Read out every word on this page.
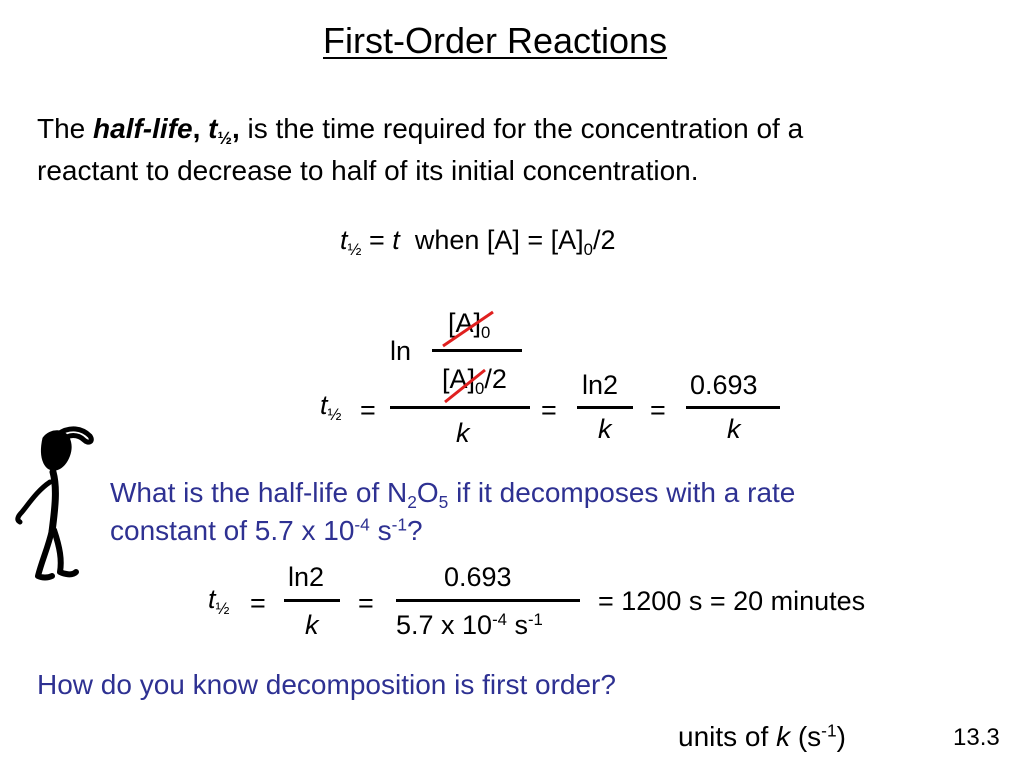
First-Order Reactions
The half-life, $t_{\frac{1}{2}}$, is the time required for the concentration of a
reactant to decrease to half of its initial concentration.
$t_{\frac{1}{2}} = t$ when $[A] = [A]_0/2$
$t_{\frac{1}{2}}$ =
ln
$[A]_0$
$[A]_0/2$
k
=
ln2
k
=
0.693
k
What is the half-life of $N_2O_5$ if it decomposes with a rate
constant of 5.7 x $10^{-4}$ $s^{-1}$?
$t_{\frac{1}{2}}$ =
ln2
k
=
0.693
5.7 x $10^{-4}$ $s^{-1}$
= 1200 s = 20 minutes
How do you know decomposition is first order?
units of k $(s^{-1})$	13.3
